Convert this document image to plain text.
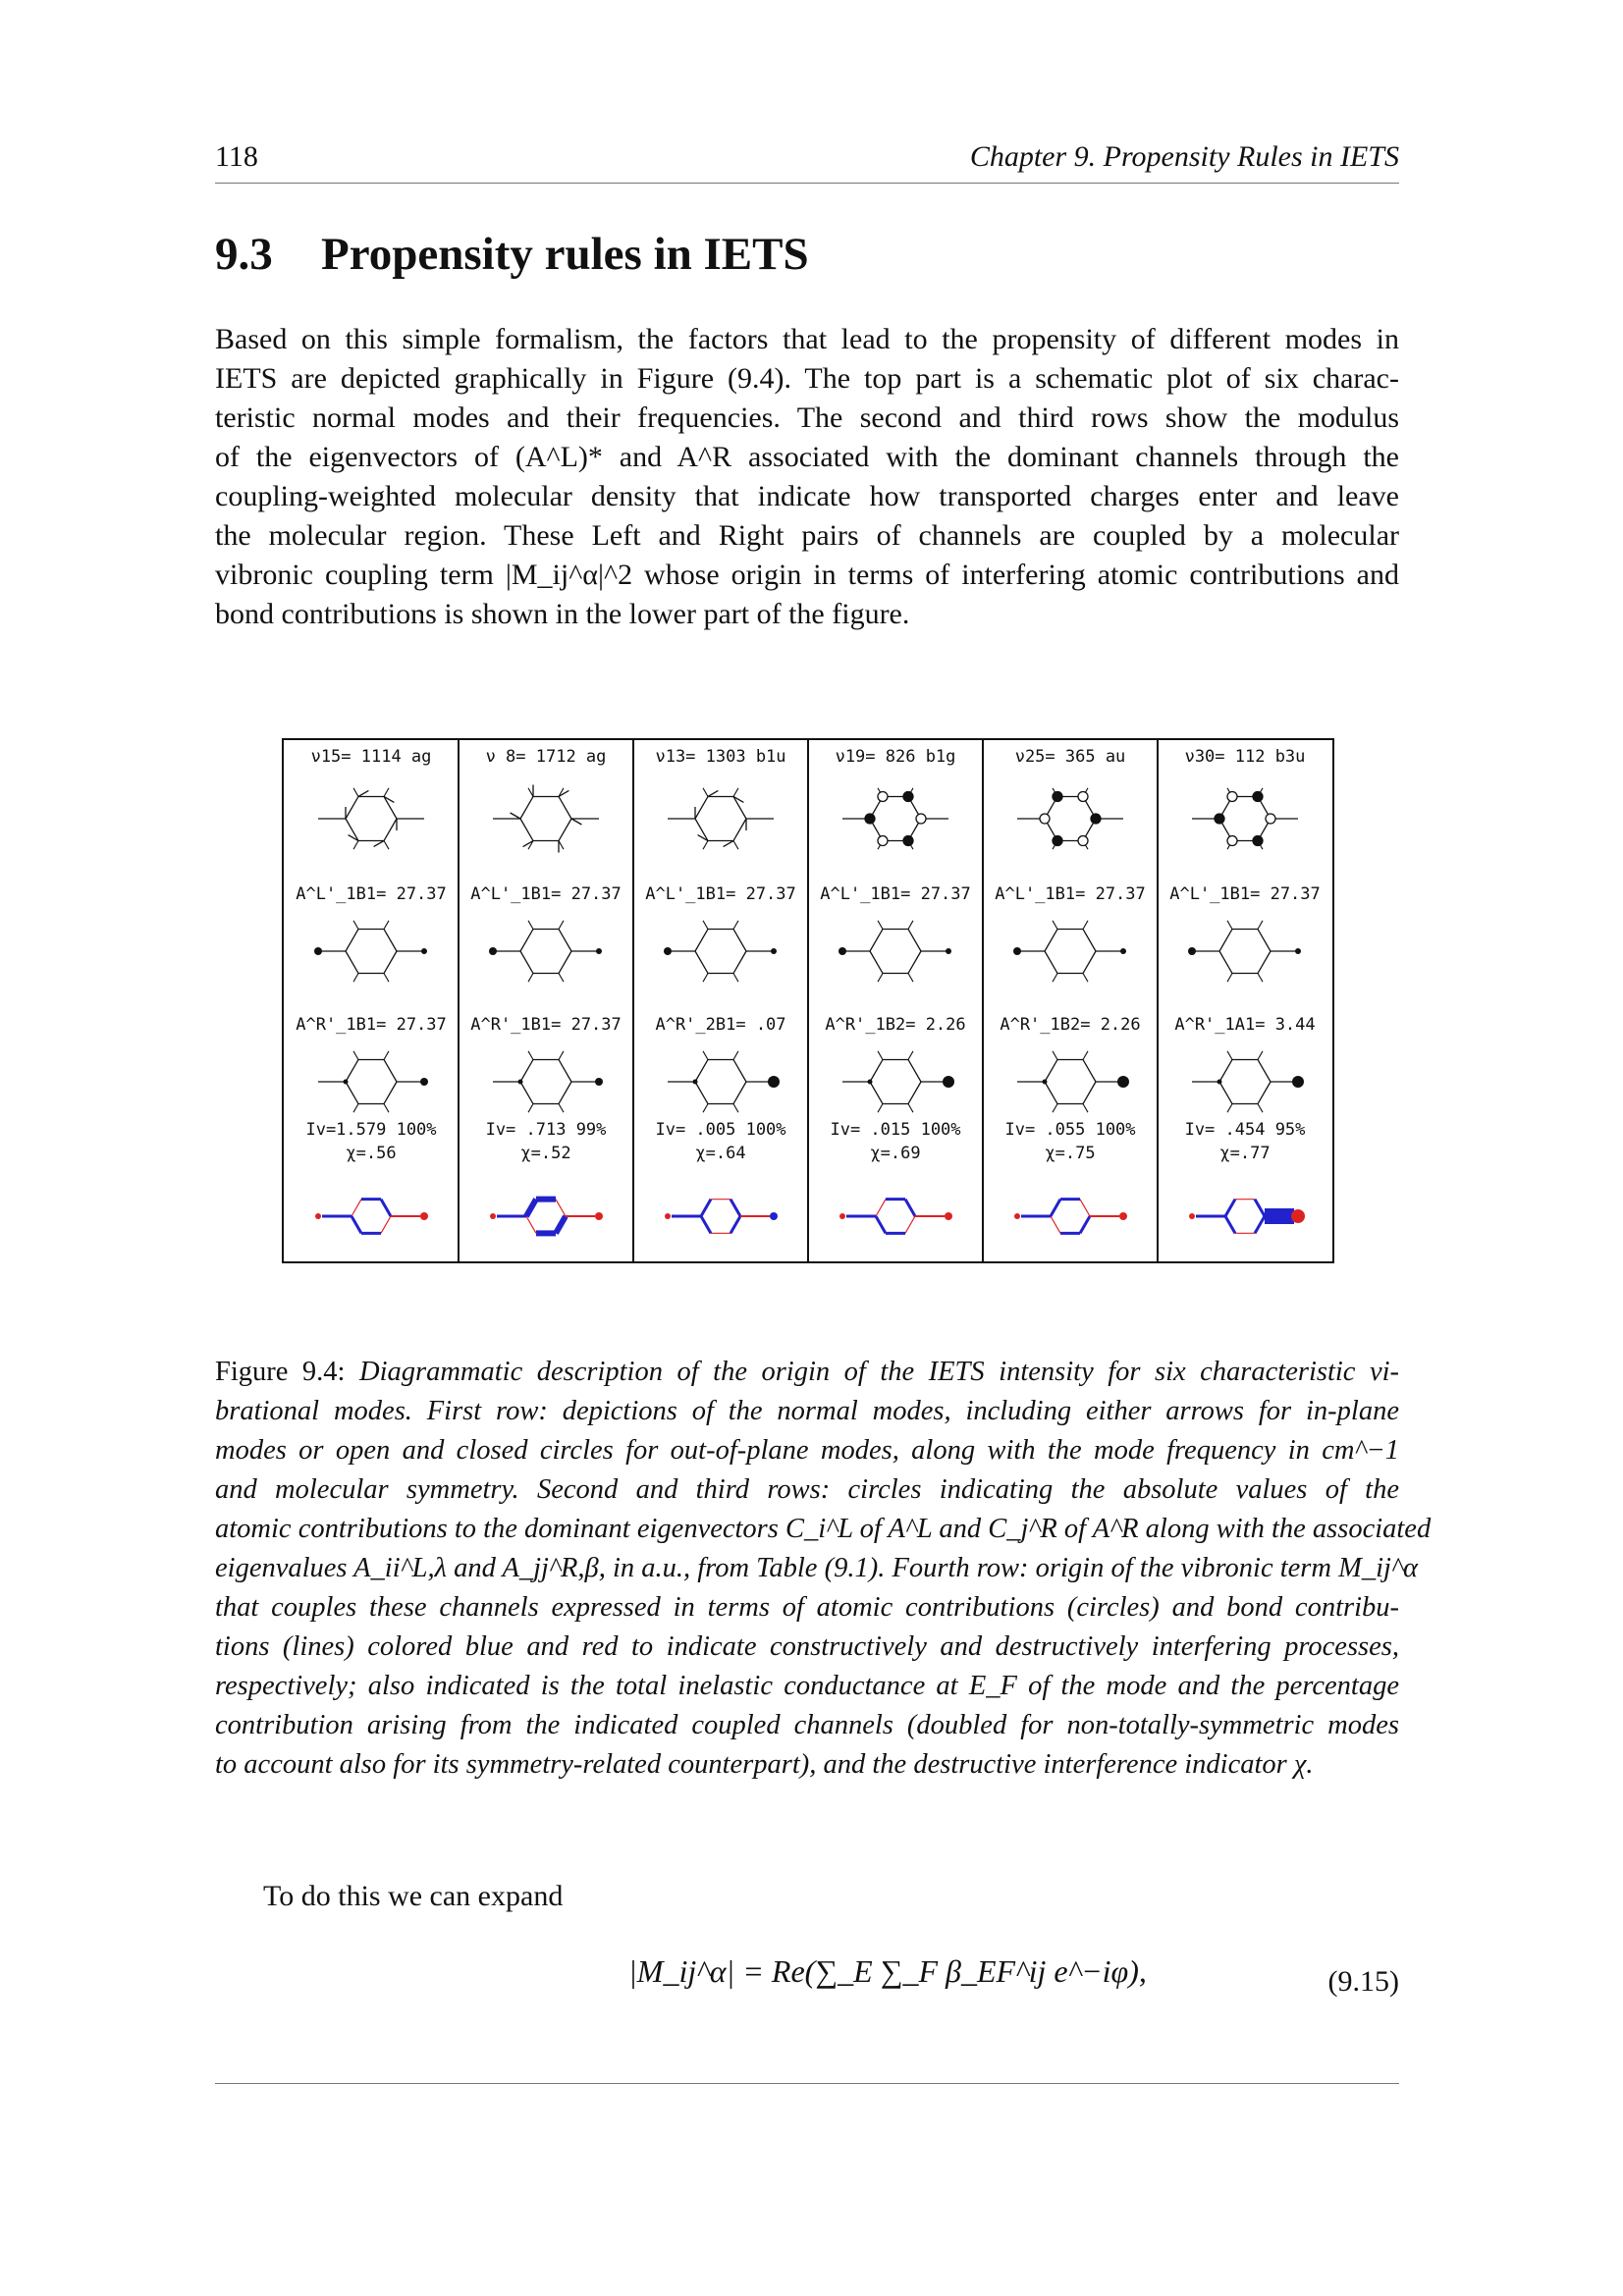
118	Chapter 9. Propensity Rules in IETS
9.3 Propensity rules in IETS
Based on this simple formalism, the factors that lead to the propensity of different modes in
IETS are depicted graphically in Figure (9.4). The top part is a schematic plot of six charac-
teristic normal modes and their frequencies. The second and third rows show the modulus
of the eigenvectors of (A^L)* and A^R associated with the dominant channels through the
coupling-weighted molecular density that indicate how transported charges enter and leave
the molecular region. These Left and Right pairs of channels are coupled by a molecular
vibronic coupling term |M_ij^α|^2 whose origin in terms of interfering atomic contributions and
bond contributions is shown in the lower part of the figure.
ν15= 1114 ag
A^L'_1B1= 27.37
A^R'_1B1= 27.37
Iv=1.579 100%
χ=.56
ν 8= 1712 ag
A^L'_1B1= 27.37
A^R'_1B1= 27.37
Iv= .713 99%
χ=.52
ν13= 1303 b1u
A^L'_1B1= 27.37
A^R'_2B1= .07
Iv= .005 100%
χ=.64
ν19= 826 b1g
A^L'_1B1= 27.37
A^R'_1B2= 2.26
Iv= .015 100%
χ=.69
ν25= 365 au
A^L'_1B1= 27.37
A^R'_1B2= 2.26
Iv= .055 100%
χ=.75
ν30= 112 b3u
A^L'_1B1= 27.37
A^R'_1A1= 3.44
Iv= .454 95%
χ=.77
Figure 9.4: Diagrammatic description of the origin of the IETS intensity for six characteristic vi-
brational modes. First row: depictions of the normal modes, including either arrows for in-plane
modes or open and closed circles for out-of-plane modes, along with the mode frequency in cm^−1
and molecular symmetry. Second and third rows: circles indicating the absolute values of the
atomic contributions to the dominant eigenvectors C_i^L of A^L and C_j^R of A^R along with the associated
eigenvalues A_ii^L,λ and A_jj^R,β, in a.u., from Table (9.1). Fourth row: origin of the vibronic term M_ij^α
that couples these channels expressed in terms of atomic contributions (circles) and bond contribu-
tions (lines) colored blue and red to indicate constructively and destructively interfering processes,
respectively; also indicated is the total inelastic conductance at E_F of the mode and the percentage
contribution arising from the indicated coupled channels (doubled for non-totally-symmetric modes
to account also for its symmetry-related counterpart), and the destructive interference indicator χ.
To do this we can expand
|M_ij^α| = Re(∑_E ∑_F β_EF^ij e^−iφ),	(9.15)
